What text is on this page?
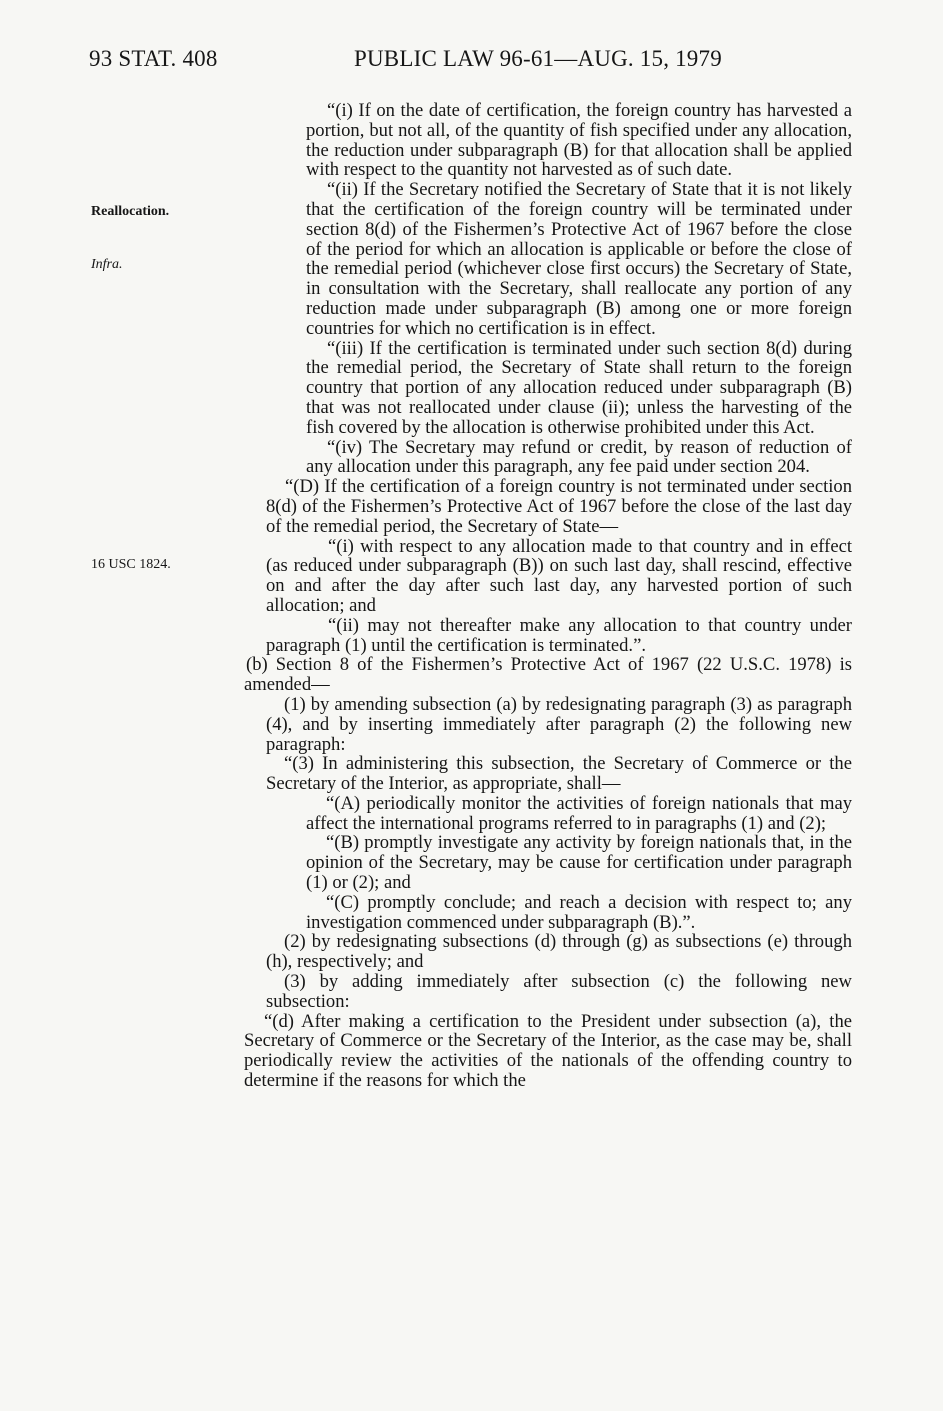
93 STAT. 408	PUBLIC LAW 96-61—AUG. 15, 1979
Reallocation.
Infra.
16 USC 1824.

“(i) If on the date of certification, the foreign country has harvested a portion, but not all, of the quantity of fish specified under any allocation, the reduction under subparagraph (B) for that allocation shall be applied with respect to the quantity not harvested as of such date.

“(ii) If the Secretary notified the Secretary of State that it is not likely that the certification of the foreign country will be terminated under section 8(d) of the Fishermen’s Protective Act of 1967 before the close of the period for which an allocation is applicable or before the close of the remedial period (whichever close first occurs) the Secretary of State, in consultation with the Secretary, shall reallocate any portion of any reduction made under subparagraph (B) among one or more foreign countries for which no certification is in effect.

“(iii) If the certification is terminated under such section 8(d) during the remedial period, the Secretary of State shall return to the foreign country that portion of any allocation reduced under subparagraph (B) that was not reallocated under clause (ii); unless the harvesting of the fish covered by the allocation is otherwise prohibited under this Act.

“(iv) The Secretary may refund or credit, by reason of reduction of any allocation under this paragraph, any fee paid under section 204.

“(D) If the certification of a foreign country is not terminated under section 8(d) of the Fishermen’s Protective Act of 1967 before the close of the last day of the remedial period, the Secretary of State—

“(i) with respect to any allocation made to that country and in effect (as reduced under subparagraph (B)) on such last day, shall rescind, effective on and after the day after such last day, any harvested portion of such allocation; and

“(ii) may not thereafter make any allocation to that country under paragraph (1) until the certification is terminated.”.

(b) Section 8 of the Fishermen’s Protective Act of 1967 (22 U.S.C. 1978) is amended—

(1) by amending subsection (a) by redesignating paragraph (3) as paragraph (4), and by inserting immediately after paragraph (2) the following new paragraph:

“(3) In administering this subsection, the Secretary of Commerce or the Secretary of the Interior, as appropriate, shall—

“(A) periodically monitor the activities of foreign nationals that may affect the international programs referred to in paragraphs (1) and (2);

“(B) promptly investigate any activity by foreign nationals that, in the opinion of the Secretary, may be cause for certification under paragraph (1) or (2); and

“(C) promptly conclude; and reach a decision with respect to; any investigation commenced under subparagraph (B).”.

(2) by redesignating subsections (d) through (g) as subsections (e) through (h), respectively; and

(3) by adding immediately after subsection (c) the following new subsection:

“(d) After making a certification to the President under subsection (a), the Secretary of Commerce or the Secretary of the Interior, as the case may be, shall periodically review the activities of the nationals of the offending country to determine if the reasons for which the
